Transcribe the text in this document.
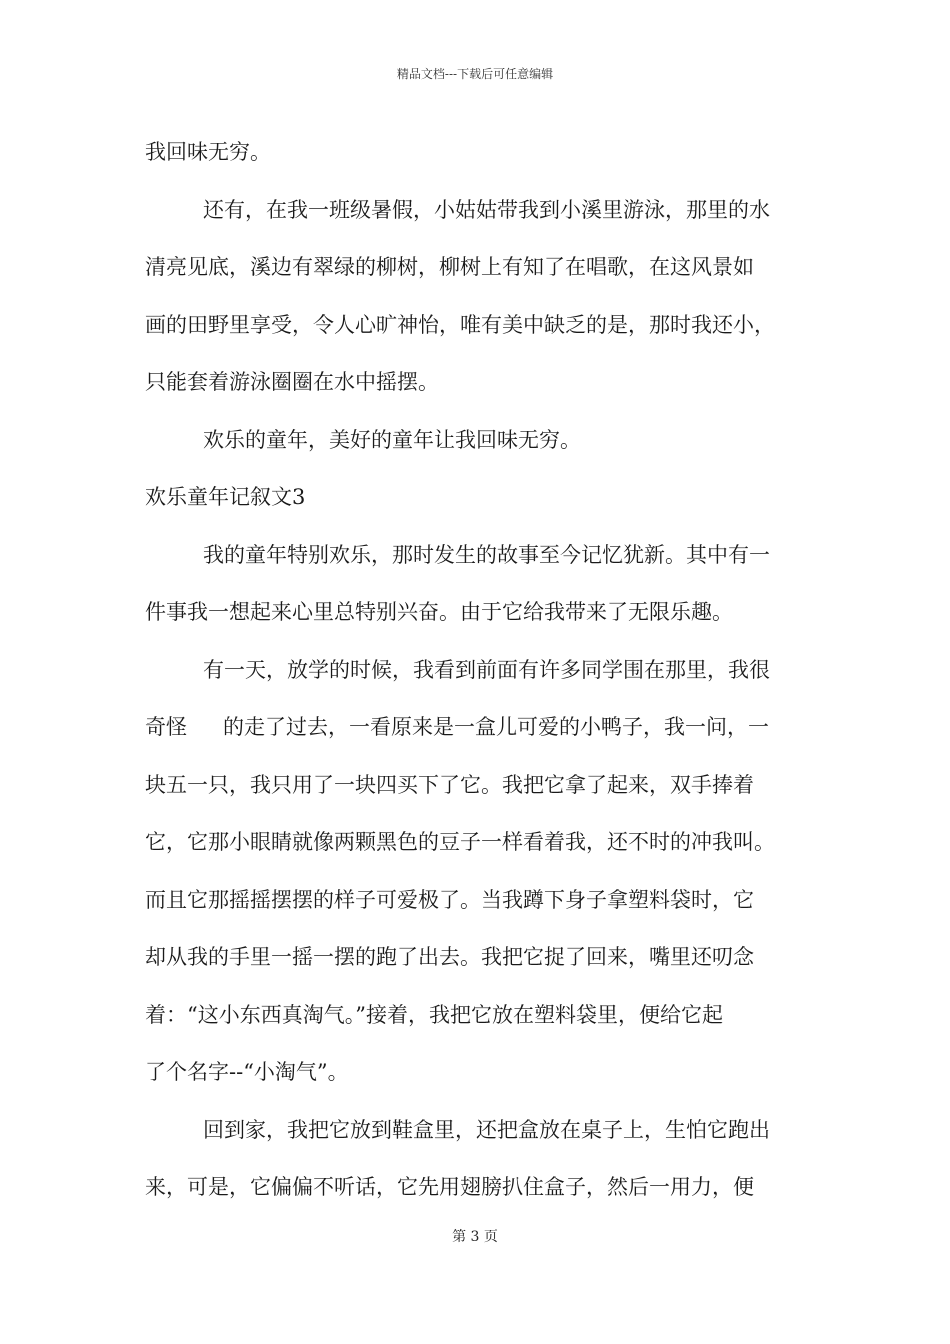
精品文档---下载后可任意编辑
我回味无穷。
还有，在我一班级暑假，小姑姑带我到小溪里游泳，那里的水
清亮见底，溪边有翠绿的柳树，柳树上有知了在唱歌，在这风景如
画的田野里享受，令人心旷神怡，唯有美中缺乏的是，那时我还小，
只能套着游泳圈圈在水中摇摆。
欢乐的童年，美好的童年让我回味无穷。
欢乐童年记叙文3
我的童年特别欢乐，那时发生的故事至今记忆犹新。其中有一
件事我一想起来心里总特别兴奋。由于它给我带来了无限乐趣。
有一天，放学的时候，我看到前面有许多同学围在那里，我很
奇怪 的走了过去，一看原来是一盒儿可爱的小鸭子，我一问，一
块五一只，我只用了一块四买下了它。我把它拿了起来，双手捧着
它，它那小眼睛就像两颗黑色的豆子一样看着我，还不时的冲我叫。
而且它那摇摇摆摆的样子可爱极了。当我蹲下身子拿塑料袋时，它
却从我的手里一摇一摆的跑了出去。我把它捉了回来，嘴里还叨念
着：“这小东西真淘气。”接着，我把它放在塑料袋里，便给它起
了个名字--“小淘气”。
回到家，我把它放到鞋盒里，还把盒放在桌子上，生怕它跑出
来，可是，它偏偏不听话，它先用翅膀扒住盒子，然后一用力，便
第 3 页
